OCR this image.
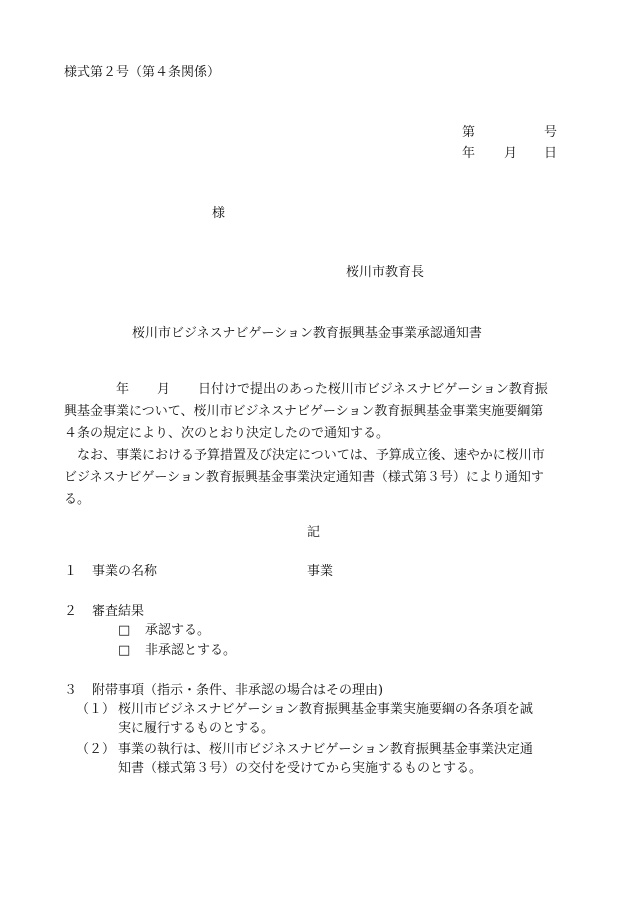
様式第２号（第４条関係）
第	号
年 月 日
様
桜川市教育長
桜川市ビジネスナビゲーション教育振興基金事業承認通知書
年 月 日付けで提出のあった桜川市ビジネスナビゲーション教育振
興基金事業について、桜川市ビジネスナビゲーション教育振興基金事業実施要綱第
４条の規定により、次のとおり決定したので通知する。
なお、事業における予算措置及び決定については、予算成立後、速やかに桜川市
ビジネスナビゲーション教育振興基金事業決定通知書（様式第３号）により通知す
る。
記
１ 事業の名称	事業
２ 審査結果
□ 承認する。
□ 非承認とする。
３ 附帯事項（指示・条件、非承認の場合はその理由)
（１） 桜川市ビジネスナビゲーション教育振興基金事業実施要綱の各条項を誠
実に履行するものとする。
（２） 事業の執行は、桜川市ビジネスナビゲーション教育振興基金事業決定通
知書（様式第３号）の交付を受けてから実施するものとする。
